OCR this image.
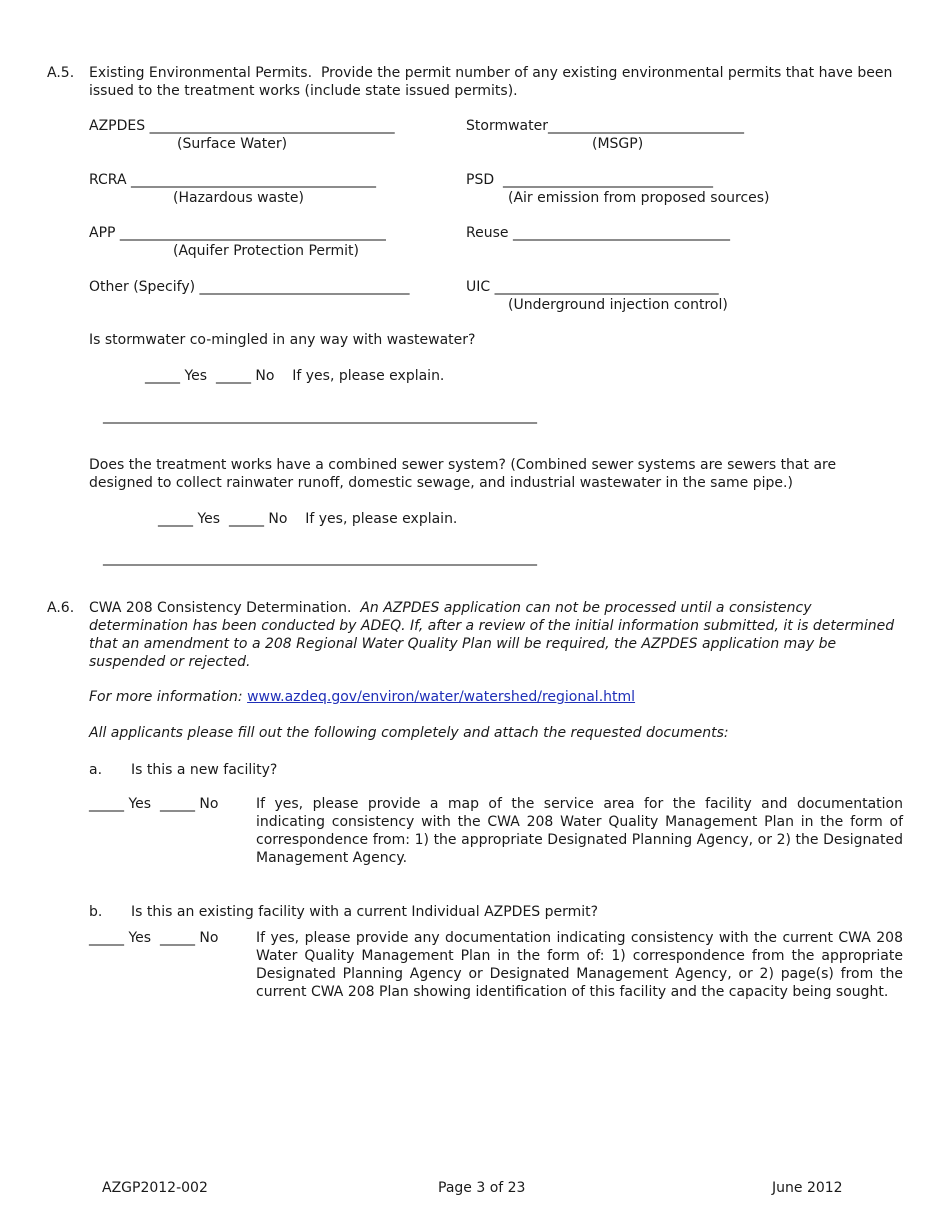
A.5. Existing Environmental Permits. Provide the permit number of any existing environmental permits that have been issued to the treatment works (include state issued permits).
AZPDES ___________________________________
(Surface Water)
Stormwater____________________________
(MSGP)
RCRA ___________________________________
(Hazardous waste)
PSD  ______________________________
(Air emission from proposed sources)
APP ______________________________________
(Aquifer Protection Permit)
Reuse _______________________________
Other (Specify) ______________________________	UIC ________________________________
(Underground injection control)
Is stormwater co-mingled in any way with wastewater?
_____ Yes  _____ No    If yes, please explain.
______________________________________________________________
Does the treatment works have a combined sewer system? (Combined sewer systems are sewers that are designed to collect rainwater runoff, domestic sewage, and industrial wastewater in the same pipe.)
_____ Yes  _____ No    If yes, please explain.
______________________________________________________________
A.6. CWA 208 Consistency Determination. An AZPDES application can not be processed until a consistency determination has been conducted by ADEQ. If, after a review of the initial information submitted, it is determined that an amendment to a 208 Regional Water Quality Plan will be required, the AZPDES application may be suspended or rejected.
For more information: www.azdeq.gov/environ/water/watershed/regional.html
All applicants please fill out the following completely and attach the requested documents:
a. Is this a new facility?
_____ Yes  _____ No	If yes, please provide a map of the service area for the facility and documentation indicating consistency with the CWA 208 Water Quality Management Plan in the form of correspondence from: 1) the appropriate Designated Planning Agency, or 2) the Designated Management Agency.
b. Is this an existing facility with a current Individual AZPDES permit?
_____ Yes  _____ No	If yes, please provide any documentation indicating consistency with the current CWA 208 Water Quality Management Plan in the form of: 1) correspondence from the appropriate Designated Planning Agency or Designated Management Agency, or 2) page(s) from the current CWA 208 Plan showing identification of this facility and the capacity being sought.
AZGP2012-002	Page 3 of 23	June 2012
